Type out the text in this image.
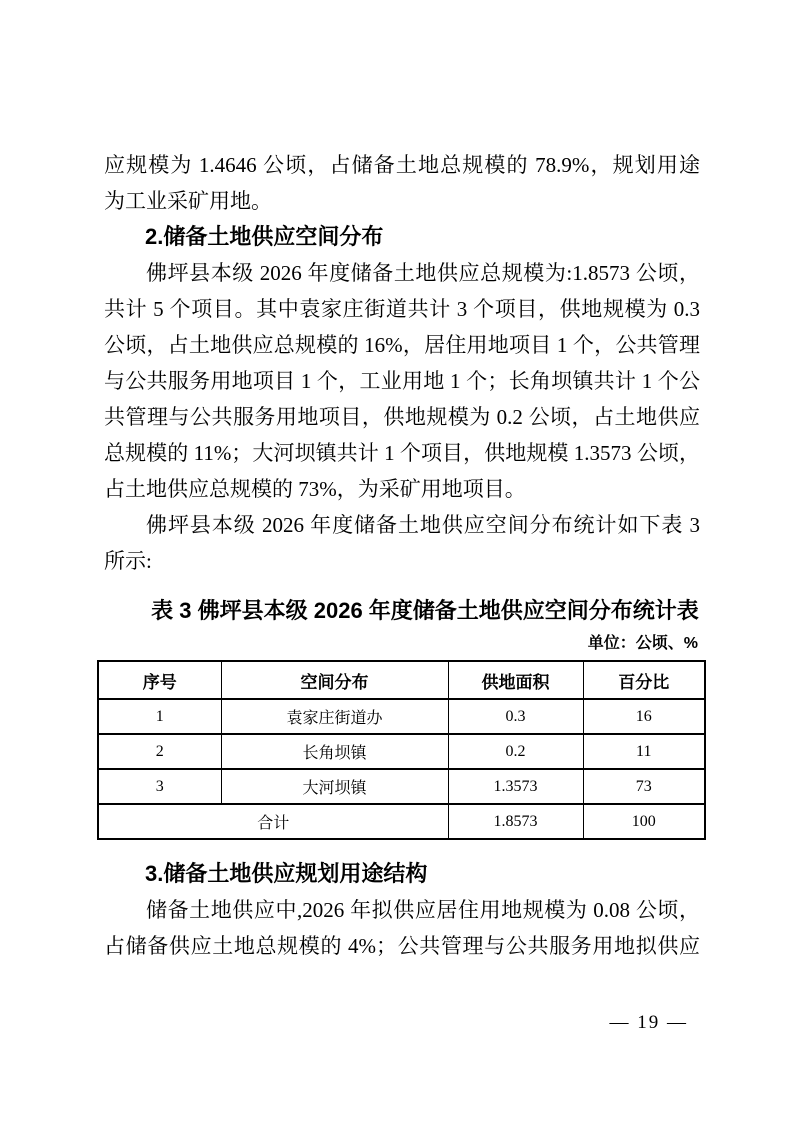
应规模为 1.4646 公顷，占储备土地总规模的 78.9%，规划用途
为工业采矿用地。
2.储备土地供应空间分布
佛坪县本级 2026 年度储备土地供应总规模为:1.8573 公顷，
共计 5 个项目。其中袁家庄街道共计 3 个项目，供地规模为 0.3
公顷，占土地供应总规模的 16%，居住用地项目 1 个，公共管理
与公共服务用地项目 1 个，工业用地 1 个；长角坝镇共计 1 个公
共管理与公共服务用地项目，供地规模为 0.2 公顷，占土地供应
总规模的 11%；大河坝镇共计 1 个项目，供地规模 1.3573 公顷，
占土地供应总规模的 73%，为采矿用地项目。
佛坪县本级 2026 年度储备土地供应空间分布统计如下表 3
所示:
表 3 佛坪县本级 2026 年度储备土地供应空间分布统计表
单位：公顷、%
序号	空间分布	供地面积	百分比
1	袁家庄街道办	0.3	16
2	长角坝镇	0.2	11
3	大河坝镇	1.3573	73
合计		1.8573	100
3.储备土地供应规划用途结构
储备土地供应中,2026 年拟供应居住用地规模为 0.08 公顷，
占储备供应土地总规模的 4%；公共管理与公共服务用地拟供应
— 19 —
